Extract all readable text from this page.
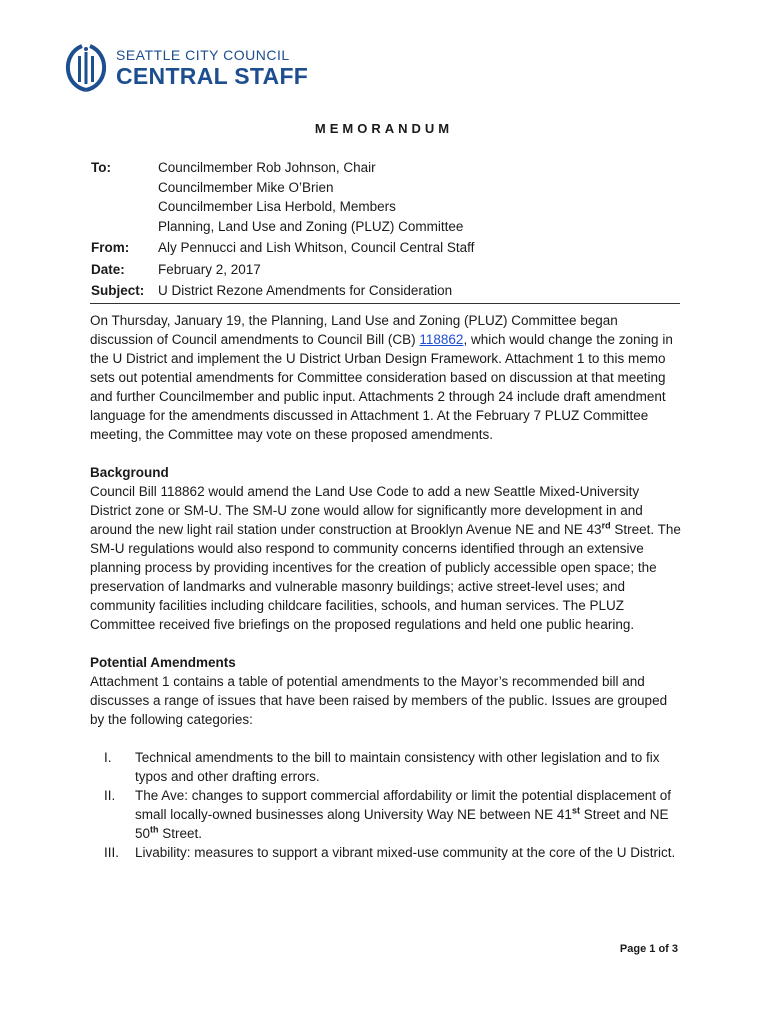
SEATTLE CITY COUNCIL
CENTRAL STAFF
MEMORANDUM
To:	Councilmember Rob Johnson, Chair
Councilmember Mike O’Brien
Councilmember Lisa Herbold, Members
Planning, Land Use and Zoning (PLUZ) Committee
From:	Aly Pennucci and Lish Whitson, Council Central Staff
Date:	February 2, 2017
Subject:	U District Rezone Amendments for Consideration

On Thursday, January 19, the Planning, Land Use and Zoning (PLUZ) Committee began discussion of Council amendments to Council Bill (CB) 118862, which would change the zoning in the U District and implement the U District Urban Design Framework. Attachment 1 to this memo sets out potential amendments for Committee consideration based on discussion at that meeting and further Councilmember and public input. Attachments 2 through 24 include draft amendment language for the amendments discussed in Attachment 1. At the February 7 PLUZ Committee meeting, the Committee may vote on these proposed amendments.

Background

Council Bill 118862 would amend the Land Use Code to add a new Seattle Mixed-University District zone or SM-U. The SM-U zone would allow for significantly more development in and around the new light rail station under construction at Brooklyn Avenue NE and NE 43rd Street. The SM-U regulations would also respond to community concerns identified through an extensive planning process by providing incentives for the creation of publicly accessible open space; the preservation of landmarks and vulnerable masonry buildings; active street-level uses; and community facilities including childcare facilities, schools, and human services. The PLUZ Committee received five briefings on the proposed regulations and held one public hearing.

Potential Amendments

Attachment 1 contains a table of potential amendments to the Mayor’s recommended bill and discusses a range of issues that have been raised by members of the public. Issues are grouped by the following categories:

I.	Technical amendments to the bill to maintain consistency with other legislation and to fix typos and other drafting errors.
II.	The Ave: changes to support commercial affordability or limit the potential displacement of small locally-owned businesses along University Way NE between NE 41st Street and NE 50th Street.
III.	Livability: measures to support a vibrant mixed-use community at the core of the U District.
Page 1 of 3
